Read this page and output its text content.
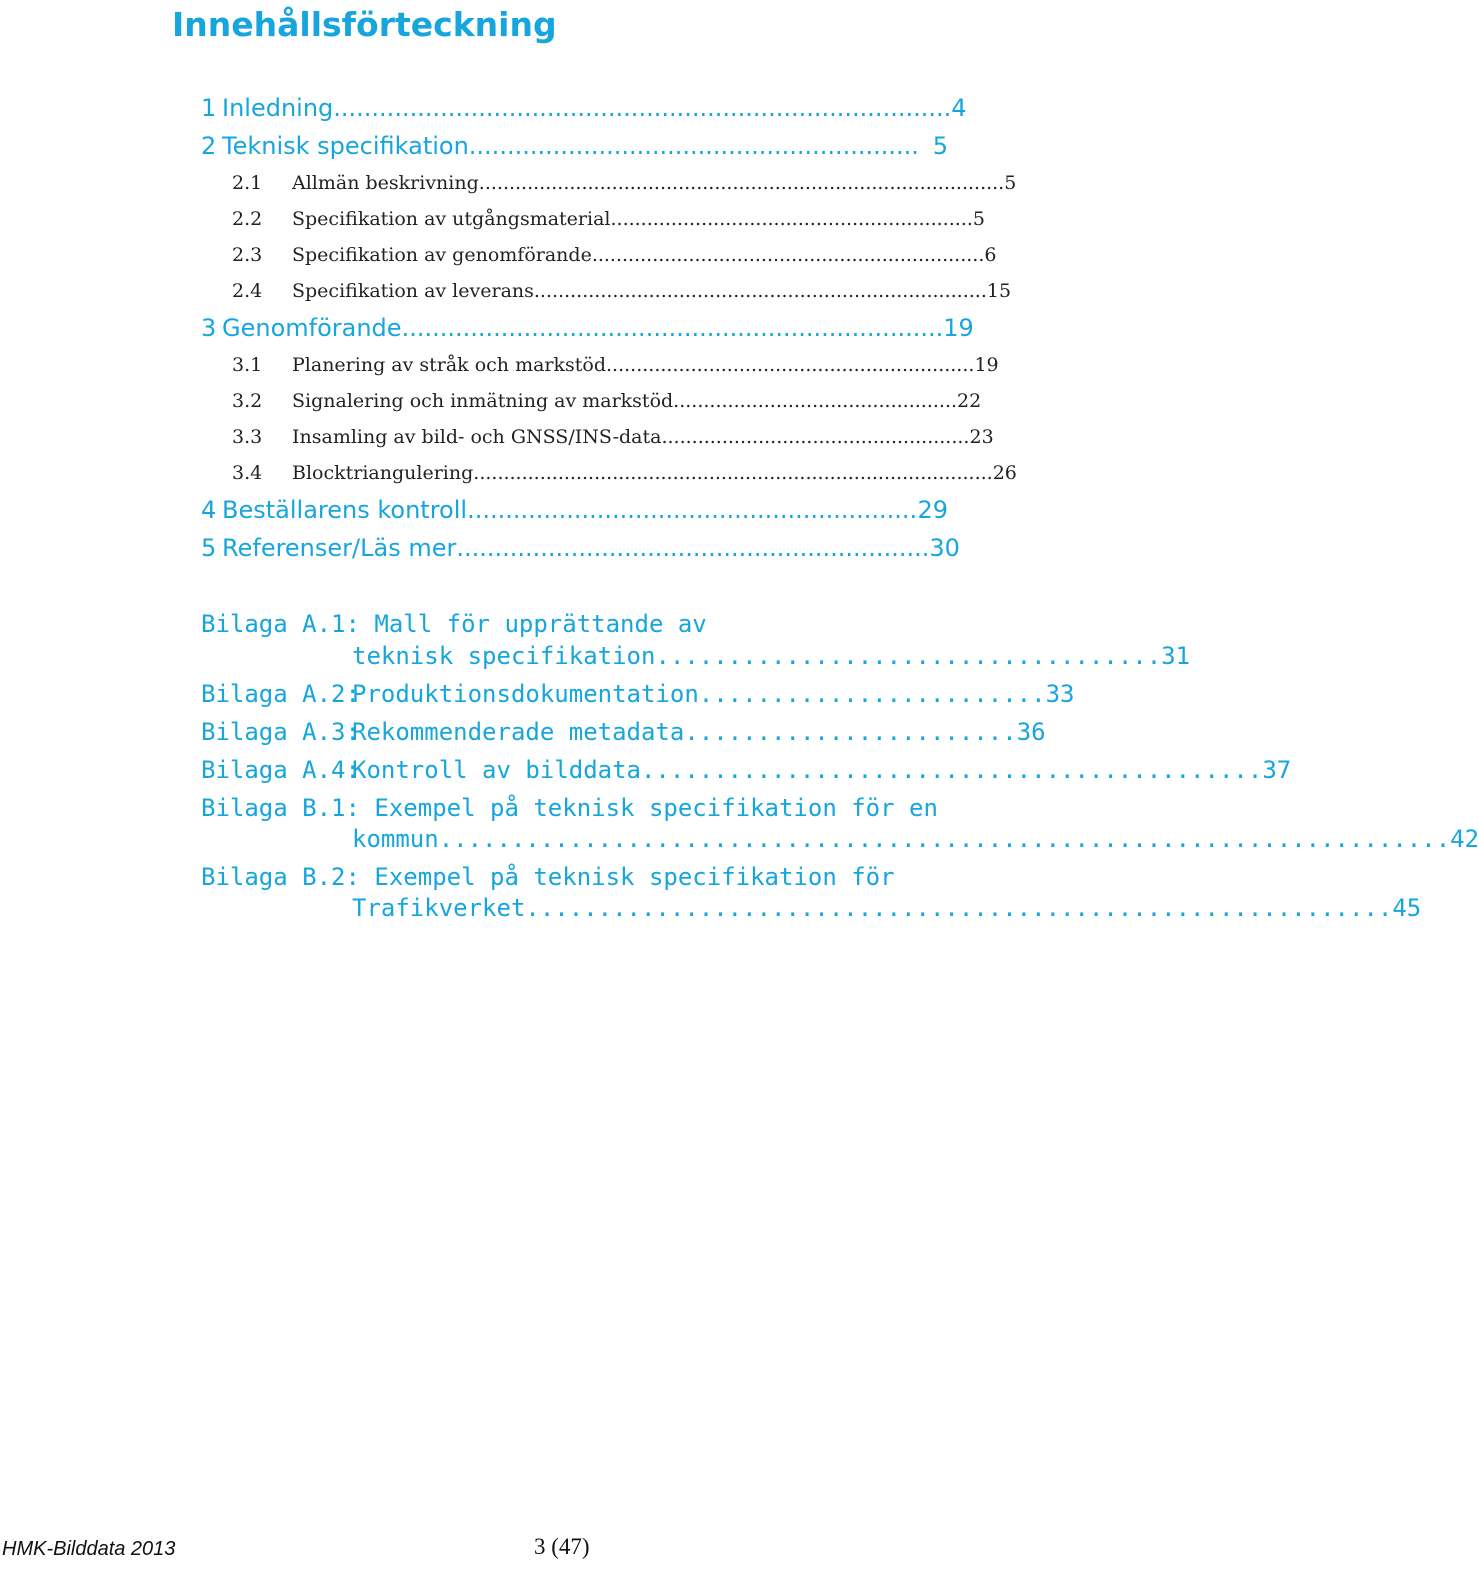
Innehållsförteckning
1 Inledning ................................................................................. 4
2 Teknisk specifikation ........................................................... 5
2.1	Allmän beskrivning ....................................................................................... 5
2.2	Specifikation av utgångsmaterial ............................................................ 5
2.3	Specifikation av genomförande ................................................................. 6
2.4	Specifikation av leverans ........................................................................... 15
3 Genomförande ....................................................................... 19
3.1	Planering av stråk och markstöd ............................................................. 19
3.2	Signalering och inmätning av markstöd ............................................... 22
3.3	Insamling av bild- och GNSS/INS-data ................................................... 23
3.4	Blocktriangulering ...................................................................................... 26
4 Beställarens kontroll ........................................................... 29
5 Referenser/Läs mer .............................................................. 30
Bilaga A.1: Mall för upprättande av
teknisk specifikation ................................... 31
Bilaga A.2:
Produktionsdokumentation ........................ 33
Bilaga A.3:
Rekommenderade metadata ....................... 36
Bilaga A.4:
Kontroll av bilddata ........................................... 37
Bilaga B.1: Exempel på teknisk specifikation för en
kommun ...................................................................... 42
Bilaga B.2: Exempel på teknisk specifikation för
Trafikverket ............................................................ 45
HMK-Bilddata 2013	3 (47)
